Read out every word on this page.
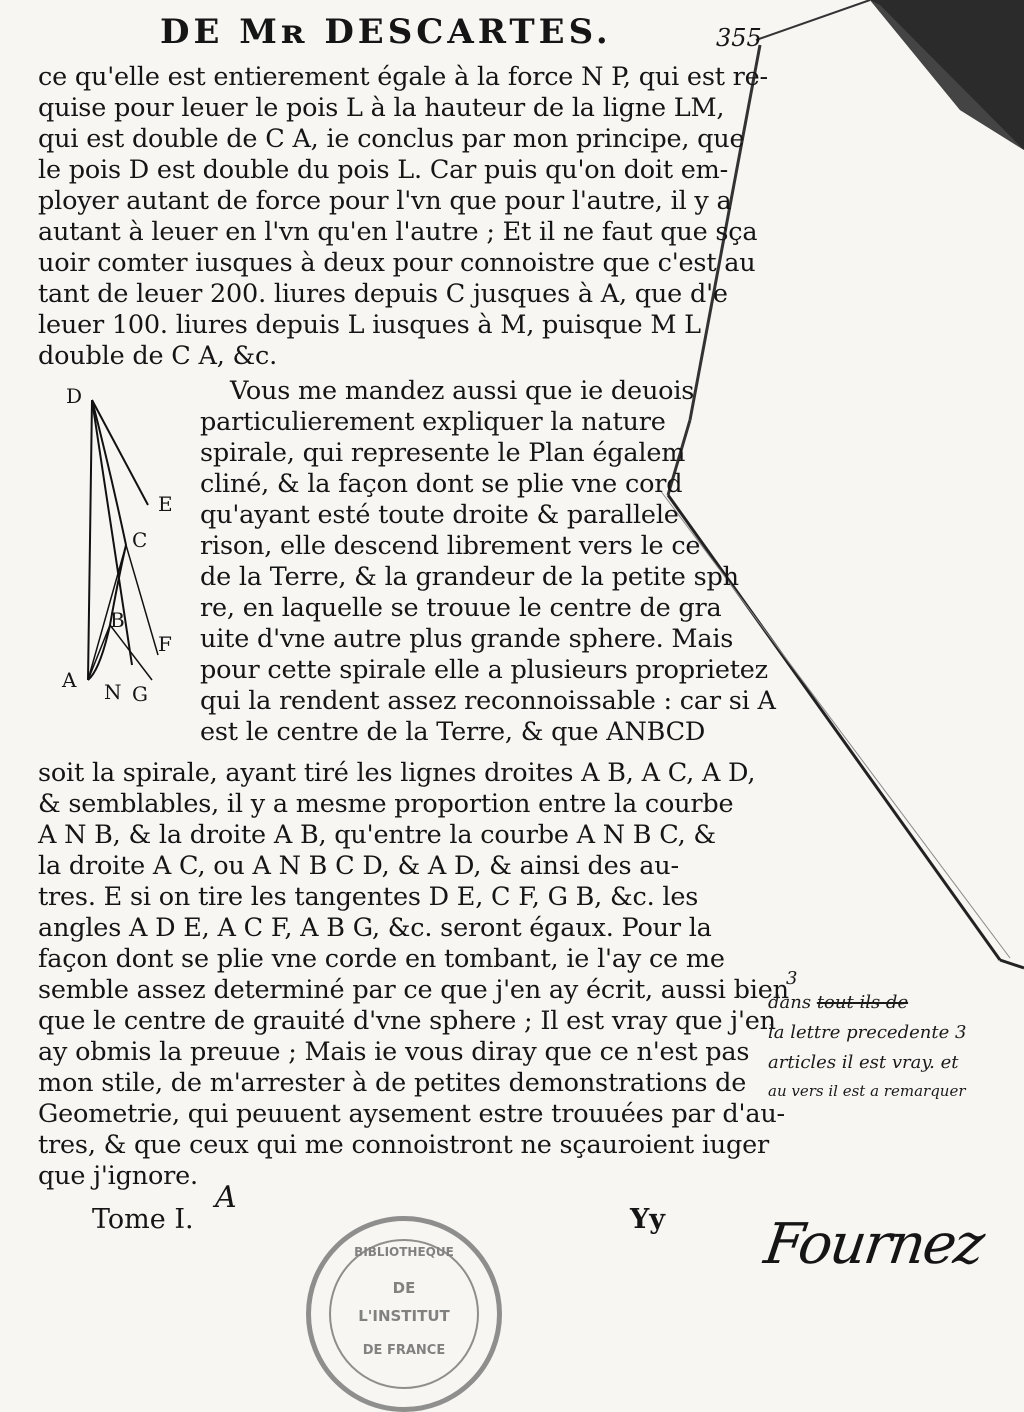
DE Mʀ DESCARTES.	355
ce qu'elle est entierement égale à la force N P, qui est re-
quise pour leuer le pois L à la hauteur de la ligne LM,
qui est double de C A, ie conclus par mon principe, que
le pois D est double du pois L. Car puis qu'on doit em-
ployer autant de force pour l'vn que pour l'autre, il y a
autant à leuer en l'vn qu'en l'autre ; Et il ne faut que sça
uoir comter iusques à deux pour connoistre que c'est au
tant de leuer 200. liures depuis C jusques à A, que d'e
leuer 100. liures depuis L iusques à M, puisque M L
double de C A, &c.
D
E
C
B
F
A N G
Vous me mandez aussi que ie deuois
particulierement expliquer la nature
spirale, qui represente le Plan égalem
cliné, & la façon dont se plie vne cord
qu'ayant esté toute droite & parallele
rison, elle descend librement vers le ce
de la Terre, & la grandeur de la petite sph
re, en laquelle se trouue le centre de gra
uite d'vne autre plus grande sphere. Mais
pour cette spirale elle a plusieurs proprietez
qui la rendent assez reconnoissable : car si A
est le centre de la Terre, & que ANBCD
soit la spirale, ayant tiré les lignes droites A B, A C, A D,
& semblables, il y a mesme proportion entre la courbe
A N B, & la droite A B, qu'entre la courbe A N B C, &
la droite A C, ou A N B C D, & A D, & ainsi des au-
tres. E si on tire les tangentes D E, C F, G B, &c. les
angles A D E, A C F, A B G, &c. seront égaux. Pour la
façon dont se plie vne corde en tombant, ie l'ay ce me
semble assez determiné par ce que j'en ay écrit, aussi bien
que le centre de grauité d'vne sphere ; Il est vray que j'en
ay obmis la preuue ; Mais ie vous diray que ce n'est pas
mon stile, de m'arrester à de petites demonstrations de
Geometrie, qui peuuent aysement estre trouuées par d'au-
tres, & que ceux qui me connoistront ne sçauroient iuger
que j'ignore.
A
Tome I.	Yy
3
dans tout ils de
la lettre precedente 3
articles il est vray. et
au vers il est a remarquer
Fournez
BIBLIOTHEQUE
DE
L'INSTITUT
DE FRANCE
